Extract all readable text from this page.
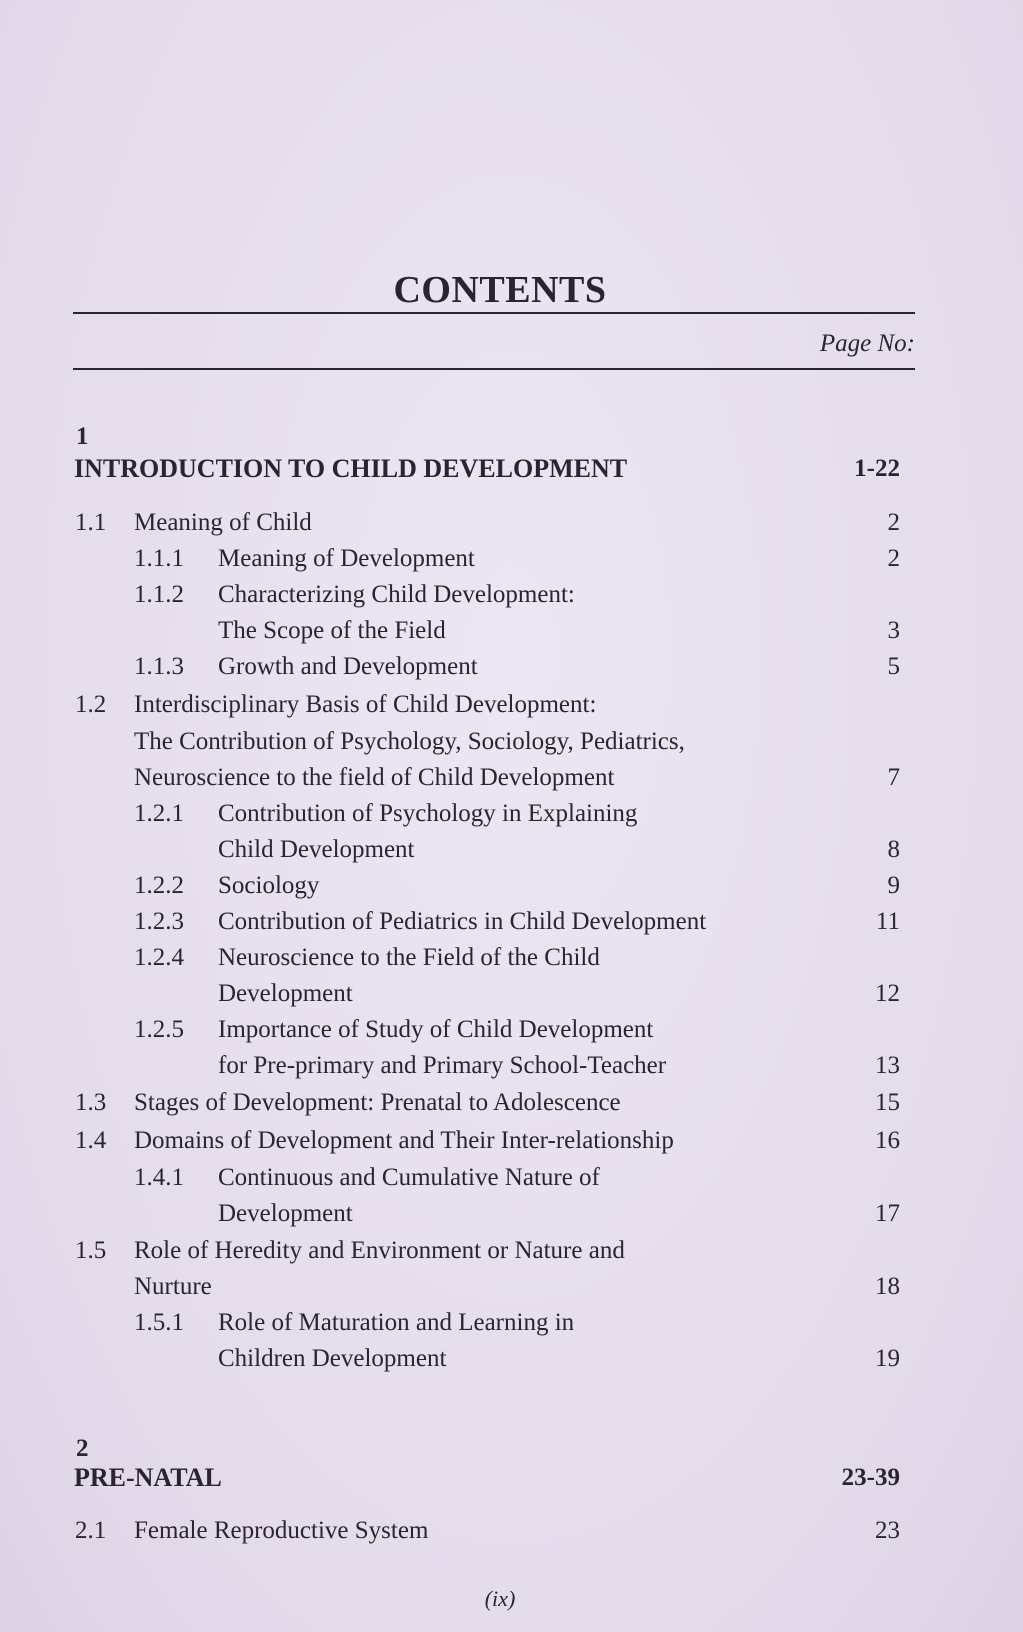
CONTENTS
Page No:
1
INTRODUCTION TO CHILD DEVELOPMENT	1-22
1.1 Meaning of Child	2
1.1.1 Meaning of Development	2
1.1.2 Characterizing Child Development:
The Scope of the Field	3
1.1.3 Growth and Development	5
1.2 Interdisciplinary Basis of Child Development:
The Contribution of Psychology, Sociology, Pediatrics,
Neuroscience to the field of Child Development	7
1.2.1 Contribution of Psychology in Explaining
Child Development	8
1.2.2 Sociology	9
1.2.3 Contribution of Pediatrics in Child Development	11
1.2.4 Neuroscience to the Field of the Child
Development	12
1.2.5 Importance of Study of Child Development
for Pre-primary and Primary School-Teacher	13
1.3 Stages of Development: Prenatal to Adolescence	15
1.4 Domains of Development and Their Inter-relationship	16
1.4.1 Continuous and Cumulative Nature of
Development	17
1.5 Role of Heredity and Environment or Nature and
Nurture	18
1.5.1 Role of Maturation and Learning in
Children Development	19
2
PRE-NATAL	23-39
2.1 Female Reproductive System	23
(ix)
